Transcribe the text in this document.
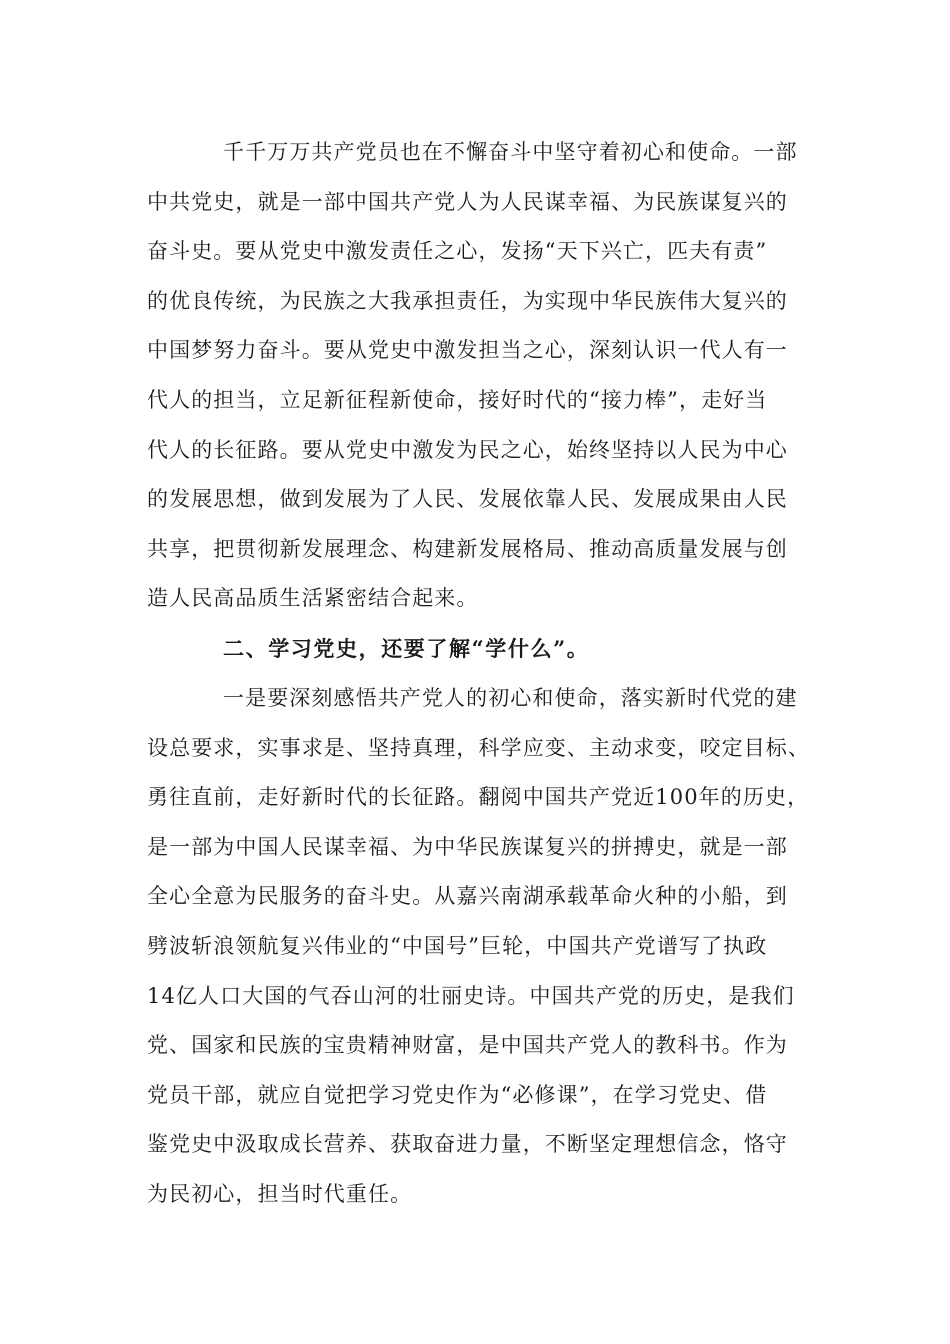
千千万万共产党员也在不懈奋斗中坚守着初心和使命。一部
中共党史，就是一部中国共产党人为人民谋幸福、为民族谋复兴的
奋斗史。要从党史中激发责任之心，发扬“天下兴亡，匹夫有责”
的优良传统，为民族之大我承担责任，为实现中华民族伟大复兴的
中国梦努力奋斗。要从党史中激发担当之心，深刻认识一代人有一
代人的担当，立足新征程新使命，接好时代的“接力棒”，走好当
代人的长征路。要从党史中激发为民之心，始终坚持以人民为中心
的发展思想，做到发展为了人民、发展依靠人民、发展成果由人民
共享，把贯彻新发展理念、构建新发展格局、推动高质量发展与创
造人民高品质生活紧密结合起来。
二、学习党史，还要了解“学什么”。
一是要深刻感悟共产党人的初心和使命，落实新时代党的建
设总要求，实事求是、坚持真理，科学应变、主动求变，咬定目标、
勇往直前，走好新时代的长征路。翻阅中国共产党近100年的历史，
是一部为中国人民谋幸福、为中华民族谋复兴的拼搏史，就是一部
全心全意为民服务的奋斗史。从嘉兴南湖承载革命火种的小船，到
劈波斩浪领航复兴伟业的“中国号”巨轮，中国共产党谱写了执政
14亿人口大国的气吞山河的壮丽史诗。中国共产党的历史，是我们
党、国家和民族的宝贵精神财富，是中国共产党人的教科书。作为
党员干部，就应自觉把学习党史作为“必修课”，在学习党史、借
鉴党史中汲取成长营养、获取奋进力量，不断坚定理想信念，恪守
为民初心，担当时代重任。
